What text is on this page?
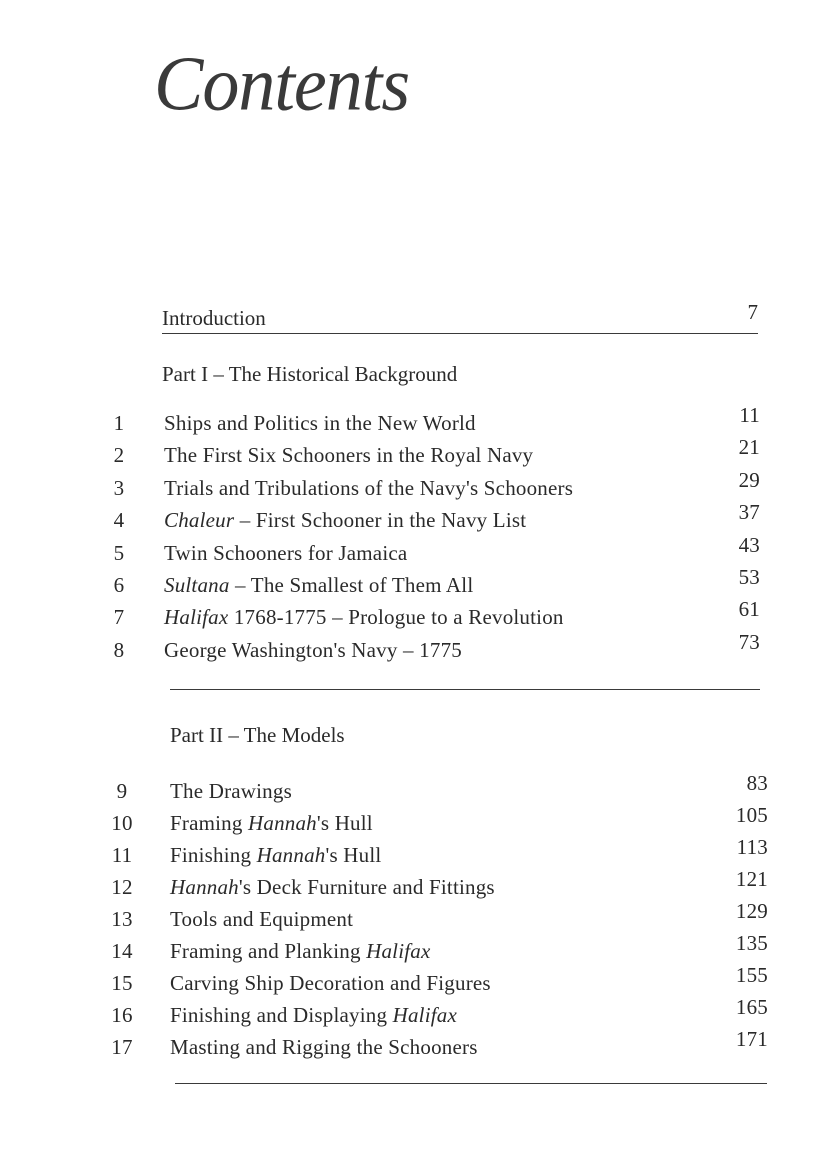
Contents
Introduction	7
Part I – The Historical Background
1	Ships and Politics in the New World	11
2	The First Six Schooners in the Royal Navy	21
3	Trials and Tribulations of the Navy's Schooners	29
4	Chaleur – First Schooner in the Navy List	37
5	Twin Schooners for Jamaica	43
6	Sultana – The Smallest of Them All	53
7	Halifax 1768-1775 – Prologue to a Revolution	61
8	George Washington's Navy – 1775	73
Part II – The Models
9	The Drawings	83
10	Framing Hannah's Hull	105
11	Finishing Hannah's Hull	113
12	Hannah's Deck Furniture and Fittings	121
13	Tools and Equipment	129
14	Framing and Planking Halifax	135
15	Carving Ship Decoration and Figures	155
16	Finishing and Displaying Halifax	165
17	Masting and Rigging the Schooners	171
